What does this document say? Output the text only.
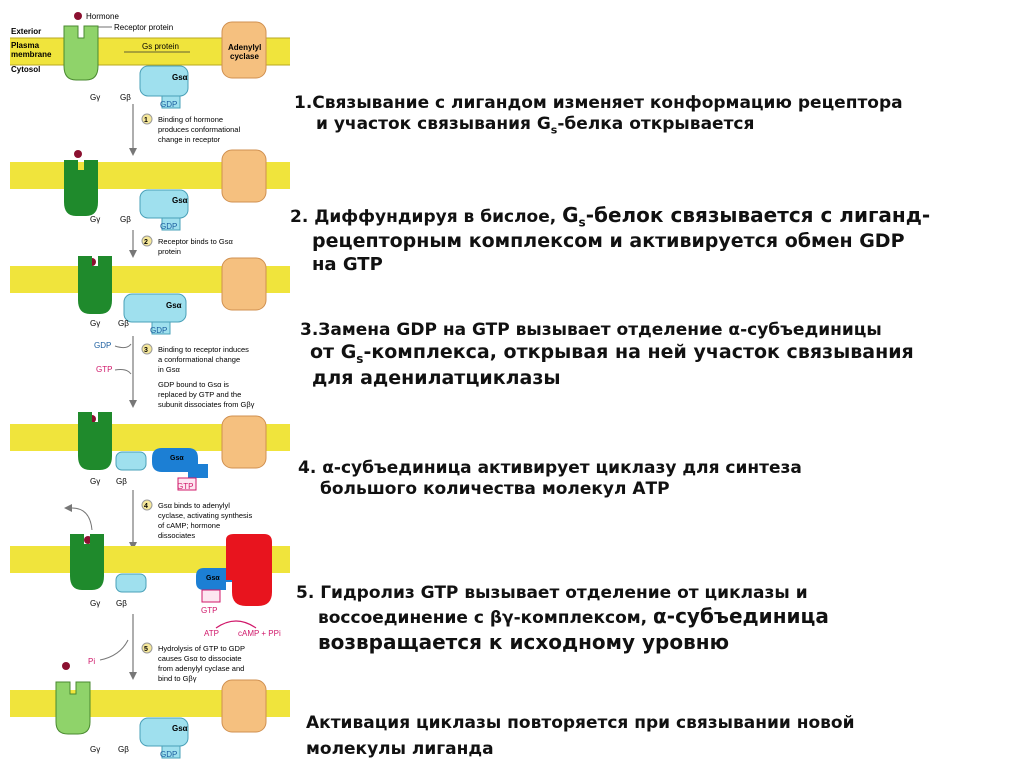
Exterior
Plasma
membrane
Cytosol
Hormone
Receptor protein
Gs protein
GDP
Gsα
Gγ Gβ
Adenylyl
cyclase
1 Binding of hormone
produces conformational
change in receptor
GDP
Gsα
Gγ Gβ
2 Receptor binds to Gsα
protein
GDP
Gsα
Gγ Gβ
GDP
GTP
3 Binding to receptor induces
a conformational change
in Gsα
GDP bound to Gsα is
replaced by GTP and the
subunit dissociates from Gβγ
Gγ Gβ
GTP
Gsα
4 Gsα binds to adenylyl
cyclase, activating synthesis
of cAMP; hormone
dissociates
Gγ Gβ
GTP
Gsα
ATP cAMP + PPi
Pi
5 Hydrolysis of GTP to GDP
causes Gsα to dissociate
from adenylyl cyclase and
bind to Gβγ
GDP
Gsα
Gγ Gβ
1.Связывание с лигандом изменяет конформацию рецептора
и участок связывания $G_s$-белка открывается
2. Диффундируя в бислое, $G_s$-белок связывается с лиганд-
рецепторным комплексом и активируется обмен GDP
на GTP
3.Замена GDP на GTP вызывает отделение α-субъединицы
от $G_s$-комплекса, открывая на ней участок связывания
для аденилатциклазы
4. α-субъединица активирует циклазу для синтеза
большого количества молекул АТР
5. Гидролиз GTP вызывает отделение от циклазы и
воссоединение с βγ-комплексом, α-субъединица
возвращается к исходному уровню
Активация циклазы повторяется при связывании новой
молекулы лиганда
